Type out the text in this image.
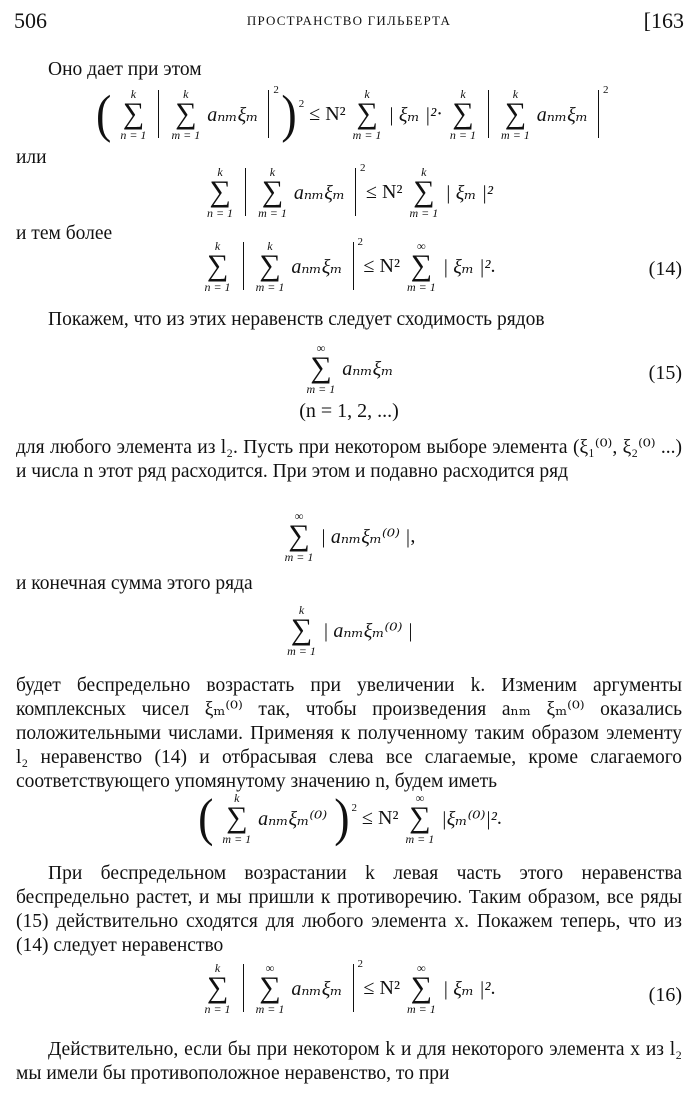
506	ПРОСТРАНСТВО ГИЛЬБЕРТА	[163
Оно дает при этом
(	k
∑
n = 1

k
∑
m = 1
aₙₘξₘ 2 ) $^2$ ≤ N²
k
∑
m = 1
| ξₘ |²·
k
∑
n = 1

k
∑
m = 1
aₙₘξₘ 2
или
k
∑
n = 1

k
∑
m = 1
aₙₘξₘ 2 ≤ N²
k
∑
m = 1
| ξₘ |²
и тем более
k
∑
n = 1

k
∑
m = 1
aₙₘξₘ 2 ≤ N²
∞
∑
m = 1
| ξₘ |².	(14)
Покажем, что из этих неравенств следует сходимость рядов
∞
∑
m = 1
aₙₘξₘ	(15)
(n = 1, 2, ...)
для любого элемента из l₂. Пусть при некотором выборе элемента (ξ₁⁽⁰⁾, ξ₂⁽⁰⁾ ...) и числа n этот ряд расходится. При этом и подавно расходится ряд
∞
∑
m = 1
| aₙₘξₘ⁽⁰⁾ |,
и конечная сумма этого ряда
k
∑
m = 1
| aₙₘξₘ⁽⁰⁾ |
будет беспредельно возрастать при увеличении k. Изменим аргументы комплексных чисел ξₘ⁽⁰⁾ так, чтобы произведения aₙₘ ξₘ⁽⁰⁾ оказались положительными числами. Применяя к полученному таким образом элементу l₂ неравенство (14) и отбрасывая слева все слагаемые, кроме слагаемого соответствующего упомянутому значению n, будем иметь
(	k
∑
m = 1
aₙₘξₘ⁽⁰⁾ ) $^2$ ≤ N²
∞
∑
m = 1
|ξₘ⁽⁰⁾|².
При беспредельном возрастании k левая часть этого неравенства беспредельно растет, и мы пришли к противоречию. Таким образом, все ряды (15) действительно сходятся для любого элемента x. Покажем теперь, что из (14) следует неравенство
k
∑
n = 1

∞
∑
m = 1
aₙₘξₘ 2 ≤ N²
∞
∑
m = 1
| ξₘ |².	(16)
Действительно, если бы при некотором k и для некоторого элемента x из l₂ мы имели бы противоположное неравенство, то при
